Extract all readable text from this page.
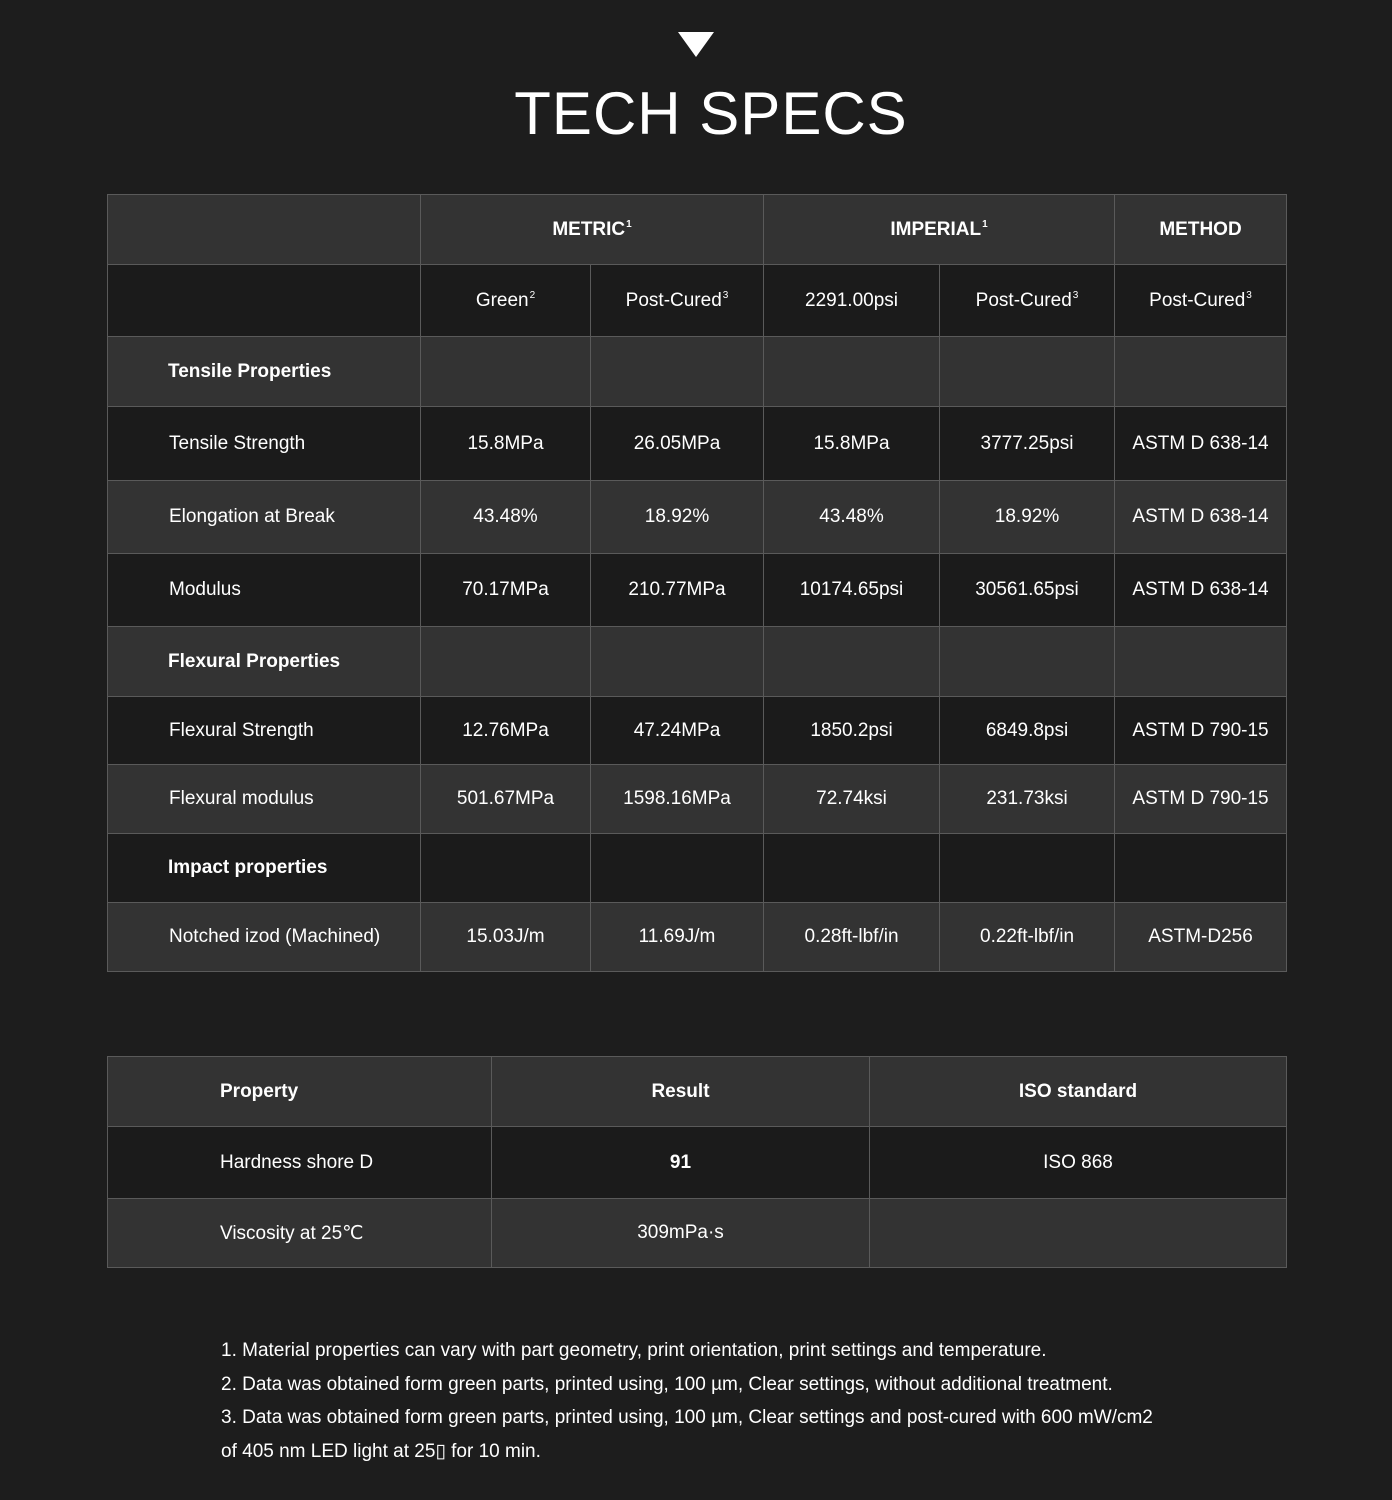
TECH SPECS
	METRIC$^1$		IMPERIAL$^1$		METHOD
	Green$^2$	Post-Cured$^3$	2291.00psi	Post-Cured$^3$	Post-Cured$^3$
Tensile Properties					
Tensile Strength	15.8MPa	26.05MPa	15.8MPa	3777.25psi	ASTM D 638-14
Elongation at Break	43.48%	18.92%	43.48%	18.92%	ASTM D 638-14
Modulus	70.17MPa	210.77MPa	10174.65psi	30561.65psi	ASTM D 638-14
Flexural Properties					
Flexural Strength	12.76MPa	47.24MPa	1850.2psi	6849.8psi	ASTM D 790-15
Flexural modulus	501.67MPa	1598.16MPa	72.74ksi	231.73ksi	ASTM D 790-15
Impact properties					
Notched izod (Machined)	15.03J/m	11.69J/m	0.28ft-lbf/in	0.22ft-lbf/in	ASTM-D256
Property	Result	ISO standard
Hardness shore D	91	ISO 868
Viscosity at 25℃	309mPa·s	

1. Material properties can vary with part geometry, print orientation, print settings and temperature.

2. Data was obtained form green parts, printed using, 100 µm, Clear settings, without additional treatment.

3. Data was obtained form green parts, printed using, 100 µm, Clear settings and post-cured with 600 mW/cm2

of 405 nm LED light at 25▯ for 10 min.
